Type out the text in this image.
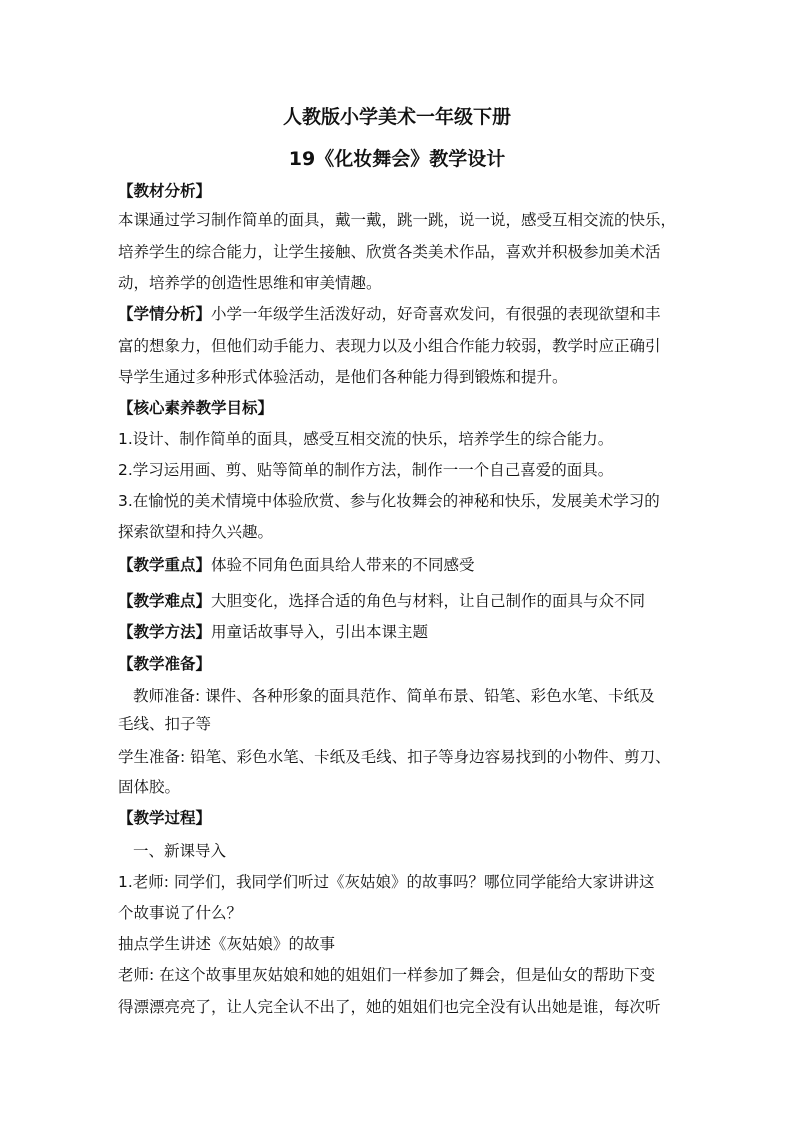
人教版小学美术一年级下册
19《化妆舞会》教学设计
【教材分析】
本课通过学习制作简单的面具，戴一戴，跳一跳，说一说，感受互相交流的快乐，
培养学生的综合能力，让学生接触、欣赏各类美术作品，喜欢并积极参加美术活
动，培养学的创造性思维和审美情趣。
【学情分析】小学一年级学生活泼好动，好奇喜欢发问，有很强的表现欲望和丰
富的想象力，但他们动手能力、表现力以及小组合作能力较弱，教学时应正确引
导学生通过多种形式体验活动，是他们各种能力得到锻炼和提升。
【核心素养教学目标】
1.设计、制作简单的面具，感受互相交流的快乐，培养学生的综合能力。
2.学习运用画、剪、贴等简单的制作方法，制作一一个自己喜爱的面具。
3.在愉悦的美术情境中体验欣赏、参与化妆舞会的神秘和快乐，发展美术学习的
探索欲望和持久兴趣。
【教学重点】体验不同角色面具给人带来的不同感受
【教学难点】大胆变化，选择合适的角色与材料，让自己制作的面具与众不同
【教学方法】用童话故事导入，引出本课主题
【教学准备】
教师准备: 课件、各种形象的面具范作、简单布景、铅笔、彩色水笔、卡纸及
毛线、扣子等
学生准备: 铅笔、彩色水笔、卡纸及毛线、扣子等身边容易找到的小物件、剪刀、
固体胶。
【教学过程】
一、新课导入
1.老师: 同学们，我同学们听过《灰姑娘》的故事吗？哪位同学能给大家讲讲这
个故事说了什么？
抽点学生讲述《灰姑娘》的故事
老师: 在这个故事里灰姑娘和她的姐姐们一样参加了舞会，但是仙女的帮助下变
得漂漂亮亮了，让人完全认不出了，她的姐姐们也完全没有认出她是谁，每次听
